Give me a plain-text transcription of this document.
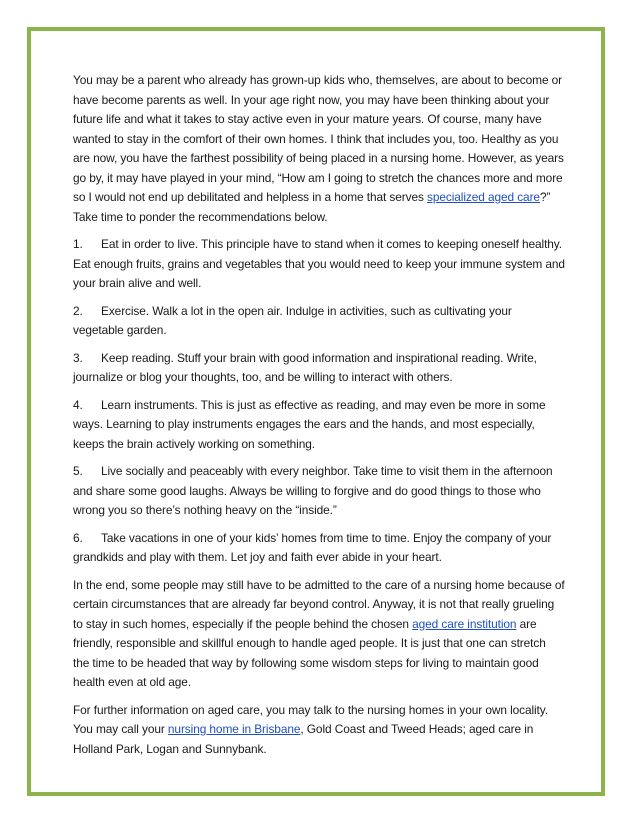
You may be a parent who already has grown-up kids who, themselves, are about to become or have become parents as well. In your age right now, you may have been thinking about your future life and what it takes to stay active even in your mature years. Of course, many have wanted to stay in the comfort of their own homes. I think that includes you, too. Healthy as you are now, you have the farthest possibility of being placed in a nursing home. However, as years go by, it may have played in your mind, “How am I going to stretch the chances more and more so I would not end up debilitated and helpless in a home that serves specialized aged care?” Take time to ponder the recommendations below.

1. Eat in order to live. This principle have to stand when it comes to keeping oneself healthy. Eat enough fruits, grains and vegetables that you would need to keep your immune system and your brain alive and well.

2. Exercise. Walk a lot in the open air. Indulge in activities, such as cultivating your vegetable garden.

3. Keep reading. Stuff your brain with good information and inspirational reading. Write, journalize or blog your thoughts, too, and be willing to interact with others.

4. Learn instruments. This is just as effective as reading, and may even be more in some ways. Learning to play instruments engages the ears and the hands, and most especially, keeps the brain actively working on something.

5. Live socially and peaceably with every neighbor. Take time to visit them in the afternoon and share some good laughs. Always be willing to forgive and do good things to those who wrong you so there’s nothing heavy on the “inside.”

6. Take vacations in one of your kids’ homes from time to time. Enjoy the company of your grandkids and play with them. Let joy and faith ever abide in your heart.

In the end, some people may still have to be admitted to the care of a nursing home because of certain circumstances that are already far beyond control. Anyway, it is not that really grueling to stay in such homes, especially if the people behind the chosen aged care institution are friendly, responsible and skillful enough to handle aged people. It is just that one can stretch the time to be headed that way by following some wisdom steps for living to maintain good health even at old age.

For further information on aged care, you may talk to the nursing homes in your own locality. You may call your nursing home in Brisbane, Gold Coast and Tweed Heads; aged care in Holland Park, Logan and Sunnybank.
